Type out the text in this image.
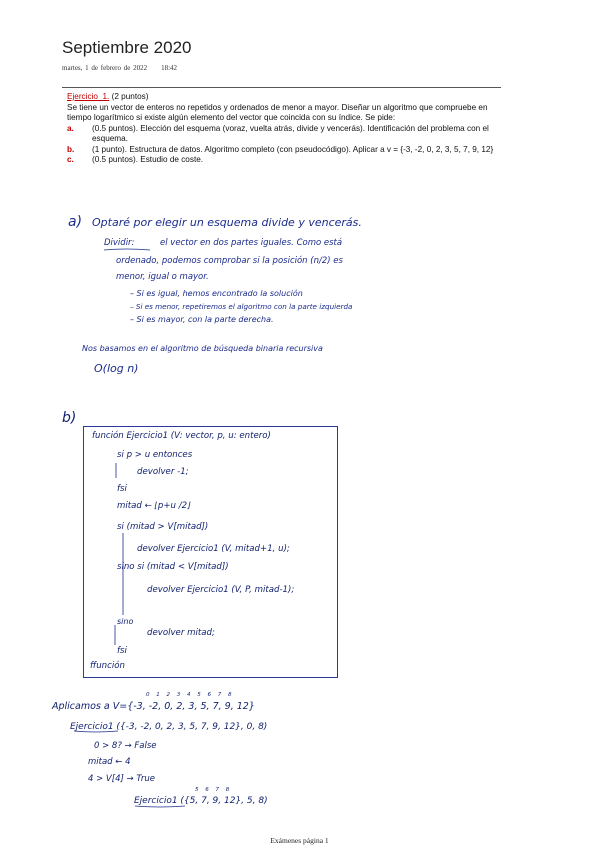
Septiembre 2020
martes, 1 de febrero de 2022 18:42
Ejercicio_1. (2 puntos)
Se tiene un vector de enteros no repetidos y ordenados de menor a mayor. Diseñar un algoritmo que compruebe en tiempo logarítmico si existe algún elemento del vector que coincida con su índice. Se pide:
a.	(0.5 puntos). Elección del esquema (voraz, vuelta atrás, divide y vencerás). Identificación del problema con el esquema.
b.	(1 punto). Estructura de datos. Algoritmo completo (con pseudocódigo). Aplicar a v = {-3, -2, 0, 2, 3, 5, 7, 9, 12}
c.	(0.5 puntos). Estudio de coste.
a) Optaré por elegir un esquema divide y vencerás.
Dividir:	el vector en dos partes iguales. Como está
ordenado, podemos comprobar si la posición (n/2) es
menor, igual o mayor.
– Si es igual, hemos encontrado la solución
– Si es menor, repetiremos el algoritmo con la parte izquierda
– Si es mayor, con la parte derecha.
Nos basamos en el algoritmo de búsqueda binaria recursiva
O(log n)
b)
función Ejercicio1 (V: vector, p, u: entero)
si p > u entonces
devolver -1;
fsi
mitad ← ⌊p+u /2⌋
si (mitad > V[mitad])
devolver Ejercicio1 (V, mitad+1, u);
sino si (mitad < V[mitad])
devolver Ejercicio1 (V, P, mitad-1);
sino
devolver mitad;
fsi
ffunción
0 1 2 3 4 5 6 7 8
Aplicamos a V={-3, -2, 0, 2, 3, 5, 7, 9, 12}
Ejercicio1 ({-3, -2, 0, 2, 3, 5, 7, 9, 12}, 0, 8)
0 > 8? → False
mitad ← 4
4 > V[4] → True
5 6 7 8
Ejercicio1 ({5, 7, 9, 12}, 5, 8)
Exámenes página 1
